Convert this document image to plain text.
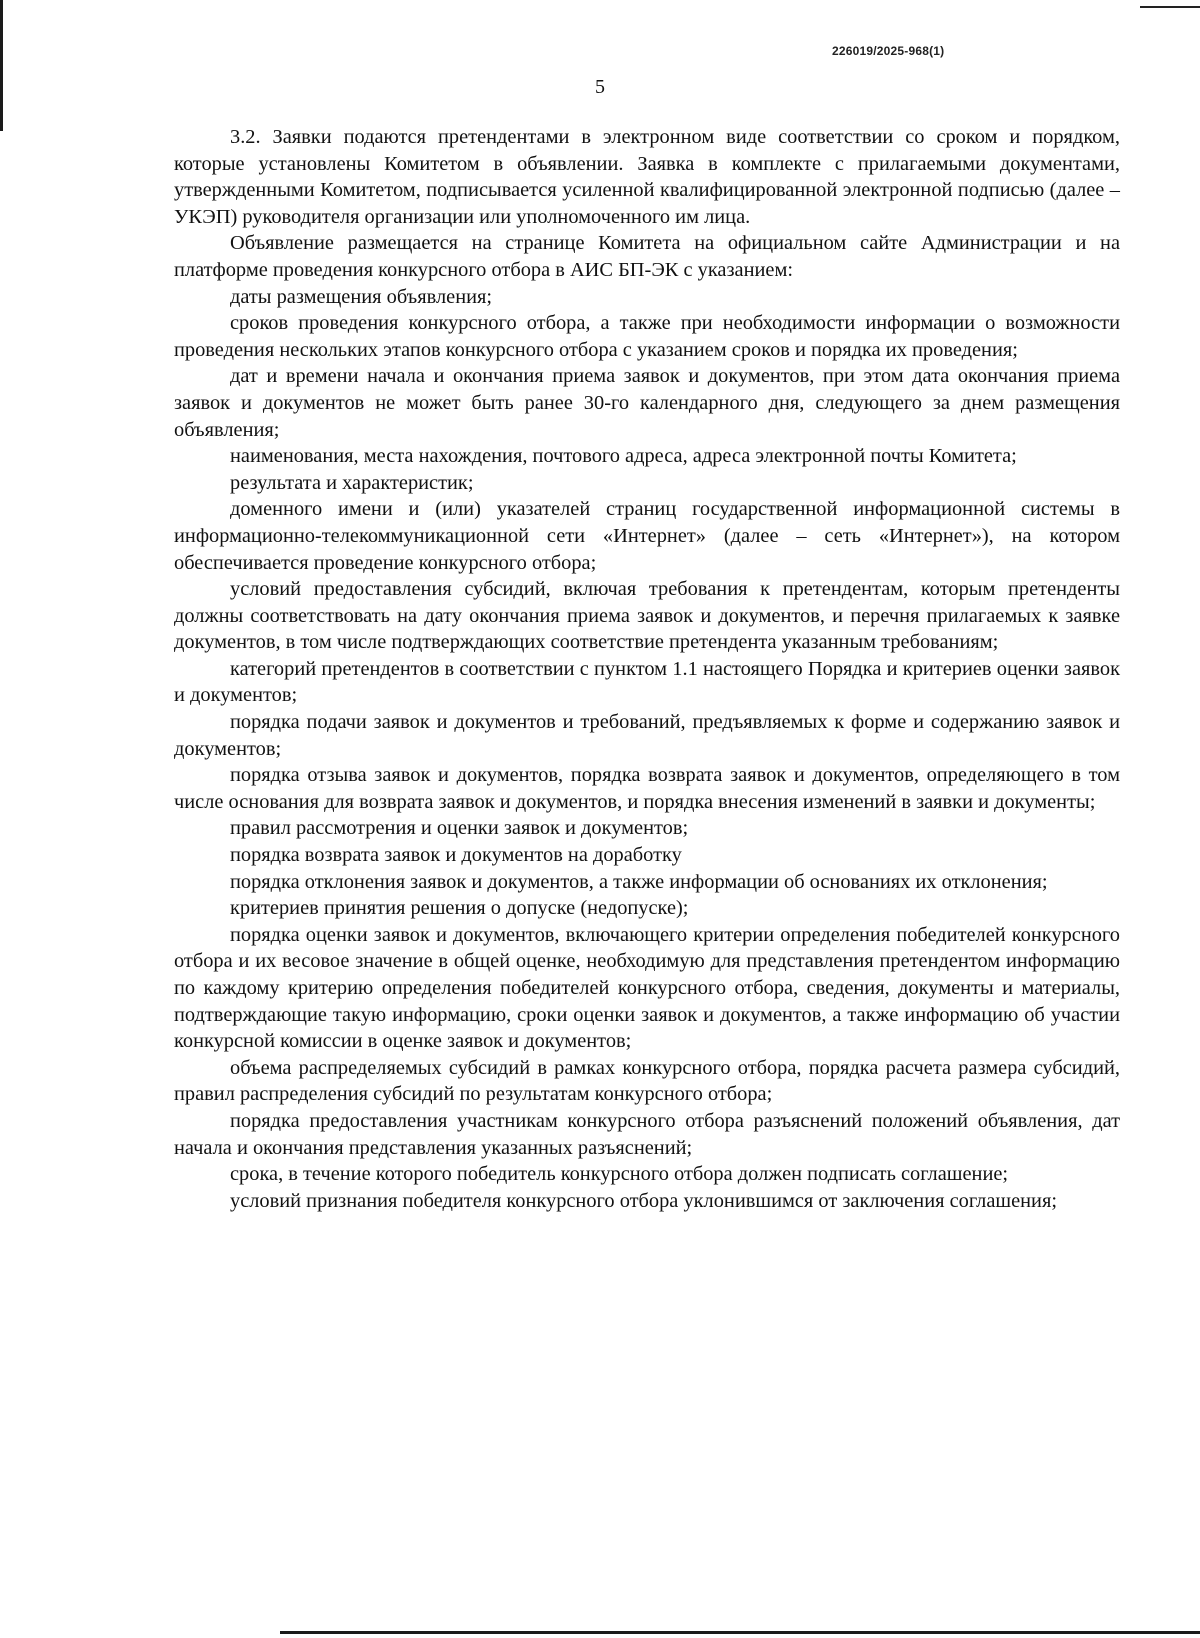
226019/2025-968(1)
5

3.2. Заявки подаются претендентами в электронном виде соответствии со сроком и порядком, которые установлены Комитетом в объявлении. Заявка в комплекте с прилагаемыми документами, утвержденными Комитетом, подписывается усиленной квалифицированной электронной подписью (далее – УКЭП) руководителя организации или уполномоченного им лица.

Объявление размещается на странице Комитета на официальном сайте Администрации и на платформе проведения конкурсного отбора в АИС БП-ЭК с указанием:

даты размещения объявления;

сроков проведения конкурсного отбора, а также при необходимости информации о возможности проведения нескольких этапов конкурсного отбора с указанием сроков и порядка их проведения;

дат и времени начала и окончания приема заявок и документов, при этом дата окончания приема заявок и документов не может быть ранее 30-го календарного дня, следующего за днем размещения объявления;

наименования, места нахождения, почтового адреса, адреса электронной почты Комитета;

результата и характеристик;

доменного имени и (или) указателей страниц государственной информационной системы в информационно-телекоммуникационной сети «Интернет» (далее – сеть «Интернет»), на котором обеспечивается проведение конкурсного отбора;

условий предоставления субсидий, включая требования к претендентам, которым претенденты должны соответствовать на дату окончания приема заявок и документов, и перечня прилагаемых к заявке документов, в том числе подтверждающих соответствие претендента указанным требованиям;

категорий претендентов в соответствии с пунктом 1.1 настоящего Порядка и критериев оценки заявок и документов;

порядка подачи заявок и документов и требований, предъявляемых к форме и содержанию заявок и документов;

порядка отзыва заявок и документов, порядка возврата заявок и документов, определяющего в том числе основания для возврата заявок и документов, и порядка внесения изменений в заявки и документы;

правил рассмотрения и оценки заявок и документов;

порядка возврата заявок и документов на доработку

порядка отклонения заявок и документов, а также информации об основаниях их отклонения;

критериев принятия решения о допуске (недопуске);

порядка оценки заявок и документов, включающего критерии определения победителей конкурсного отбора и их весовое значение в общей оценке, необходимую для представления претендентом информацию по каждому критерию определения победителей конкурсного отбора, сведения, документы и материалы, подтверждающие такую информацию, сроки оценки заявок и документов, а также информацию об участии конкурсной комиссии в оценке заявок и документов;

объема распределяемых субсидий в рамках конкурсного отбора, порядка расчета размера субсидий, правил распределения субсидий по результатам конкурсного отбора;

порядка предоставления участникам конкурсного отбора разъяснений положений объявления, дат начала и окончания представления указанных разъяснений;

срока, в течение которого победитель конкурсного отбора должен подписать соглашение;

условий признания победителя конкурсного отбора уклонившимся от заключения соглашения;
